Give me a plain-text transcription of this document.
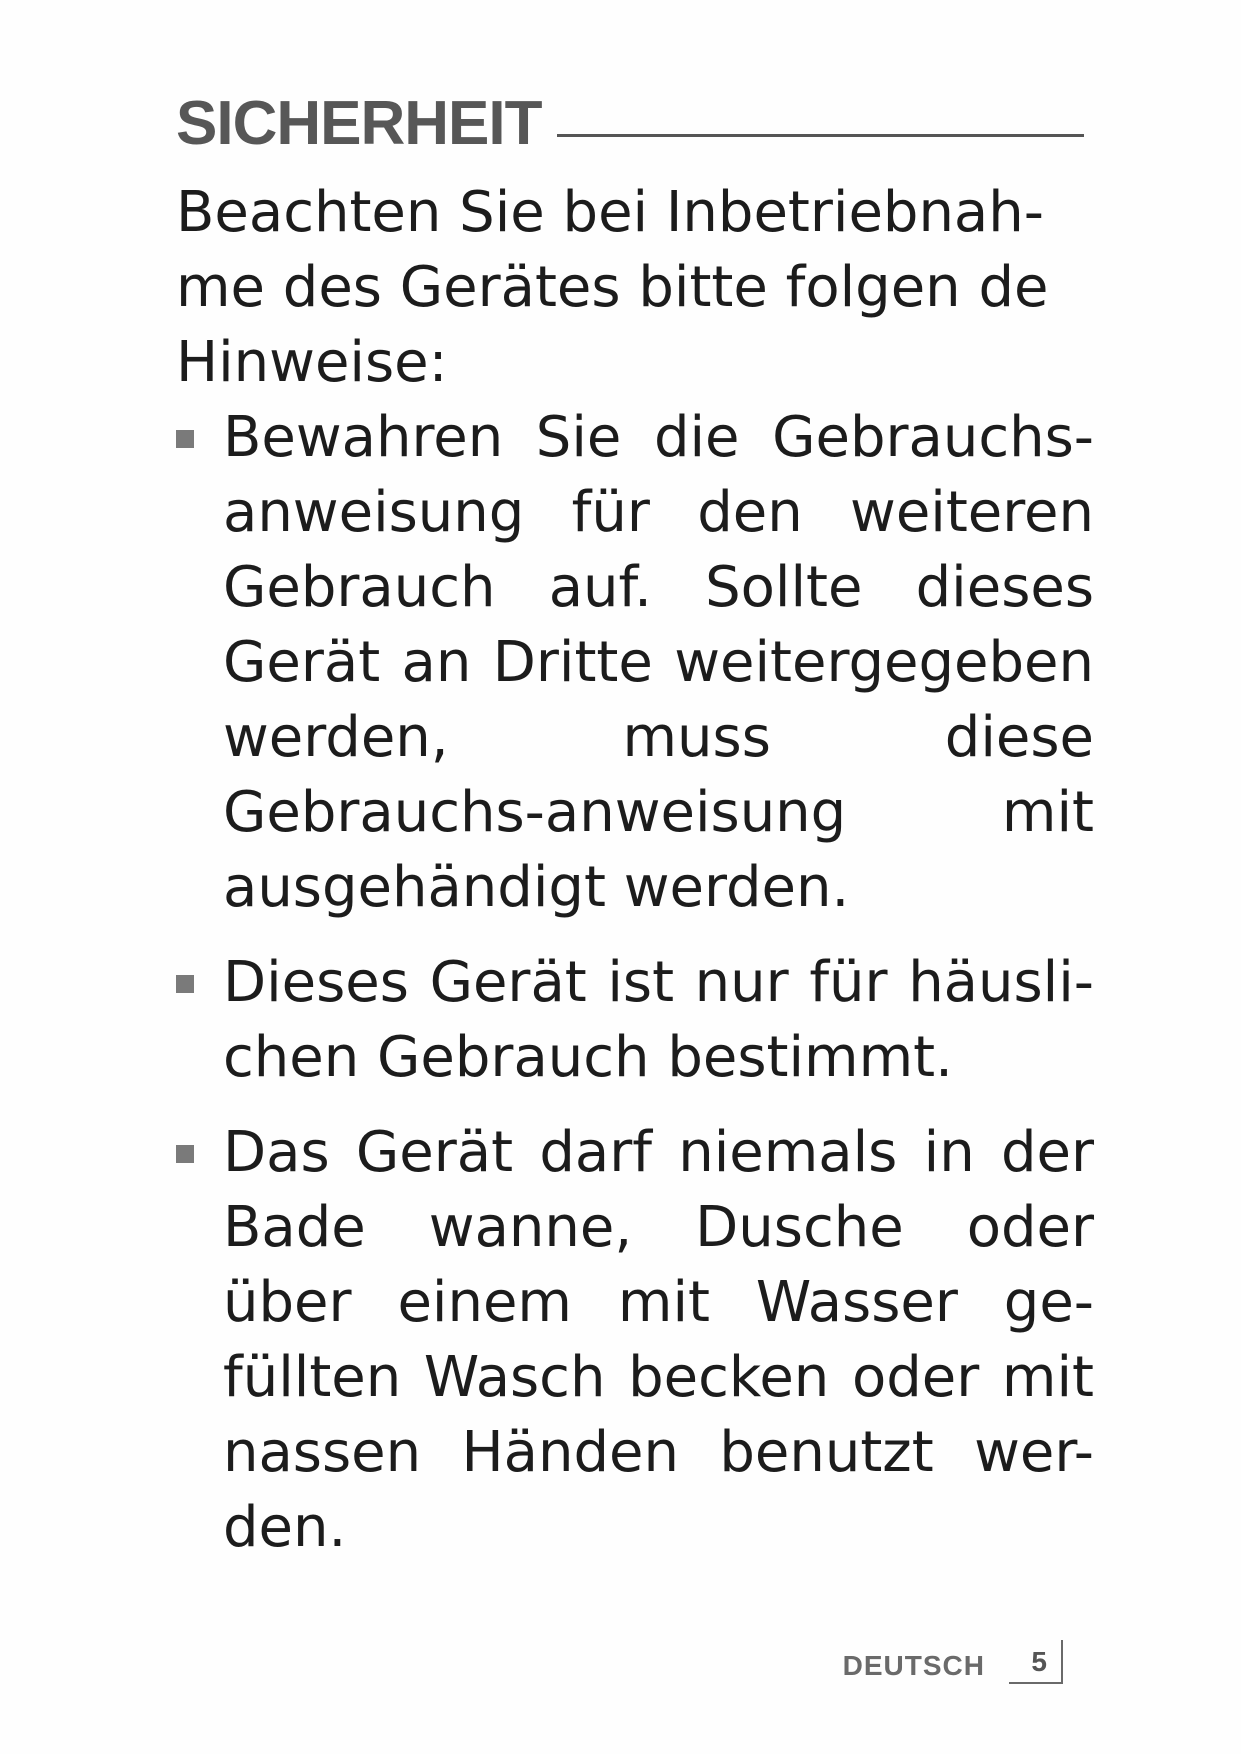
SICHERHEIT

Beachten Sie bei Inbetriebnah-me des Gerätes bitte folgen de Hinweise:

Bewahren Sie die Gebrauchs-anweisung für den weiteren Gebrauch auf. Sollte dieses Gerät an Dritte weitergegeben werden, muss diese Gebrauchs-anweisung mit ausgehändigt werden.
Dieses Gerät ist nur für häusli-chen Gebrauch bestimmt.
Das Gerät darf niemals in der Bade wanne, Dusche oder über einem mit Wasser ge-füllten Wasch becken oder mit nassen Händen benutzt wer-den.
DEUTSCH	5
